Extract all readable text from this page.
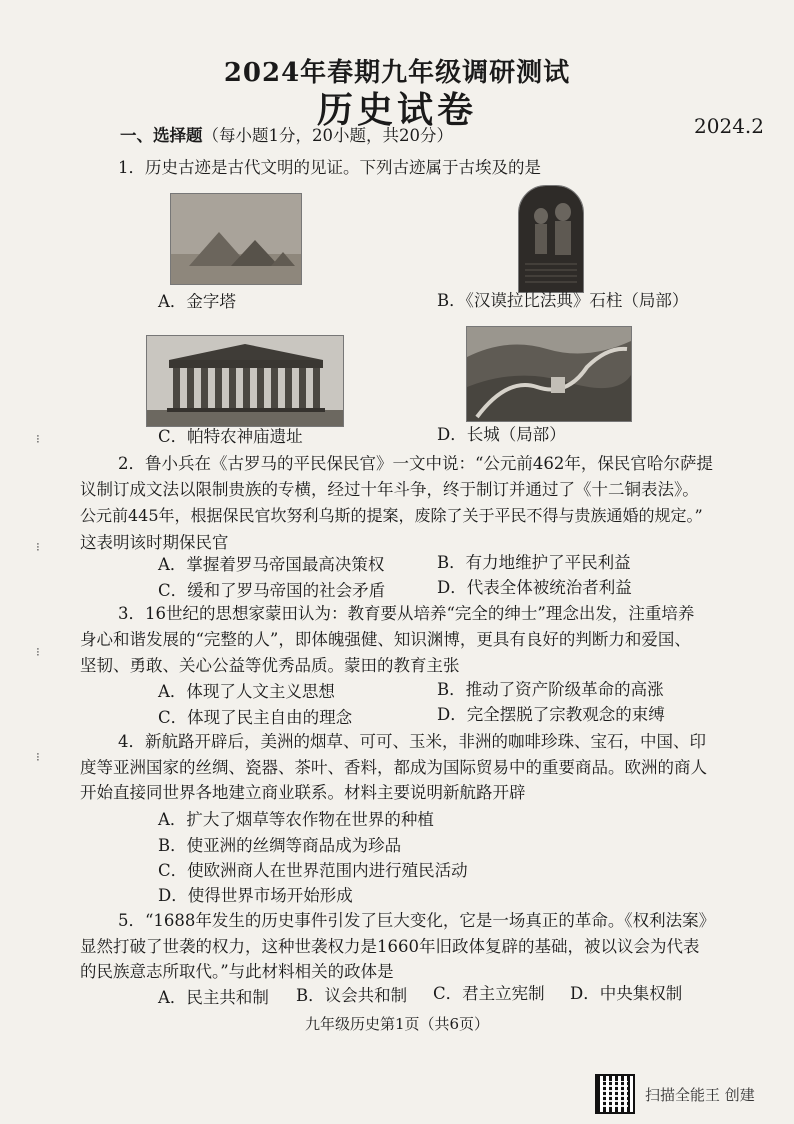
2024年春期九年级调研测试
历史试卷	2024.2
一、选择题（每小题1分，20小题，共20分）
1．历史古迹是古代文明的见证。下列古迹属于古埃及的是
A．金字塔	B．《汉谟拉比法典》石柱（局部）
C．帕特农神庙遗址	D．长城（局部）
2．鲁小兵在《古罗马的平民保民官》一文中说：“公元前462年，保民官哈尔萨提
议制订成文法以限制贵族的专横，经过十年斗争，终于制订并通过了《十二铜表法》。
公元前445年，根据保民官坎努利乌斯的提案，废除了关于平民不得与贵族通婚的规定。”
这表明该时期保民官
A．掌握着罗马帝国最高决策权	B．有力地维护了平民利益
C．缓和了罗马帝国的社会矛盾	D．代表全体被统治者利益
3．16世纪的思想家蒙田认为：教育要从培养“完全的绅士”理念出发，注重培养
身心和谐发展的“完整的人”，即体魄强健、知识渊博，更具有良好的判断力和爱国、
坚韧、勇敢、关心公益等优秀品质。蒙田的教育主张
A．体现了人文主义思想	B．推动了资产阶级革命的高涨
C．体现了民主自由的理念	D．完全摆脱了宗教观念的束缚
4．新航路开辟后，美洲的烟草、可可、玉米，非洲的咖啡珍珠、宝石，中国、印
度等亚洲国家的丝绸、瓷器、茶叶、香料，都成为国际贸易中的重要商品。欧洲的商人
开始直接同世界各地建立商业联系。材料主要说明新航路开辟
A．扩大了烟草等农作物在世界的种植
B．使亚洲的丝绸等商品成为珍品
C．使欧洲商人在世界范围内进行殖民活动
D．使得世界市场开始形成
5．“1688年发生的历史事件引发了巨大变化，它是一场真正的革命。《权利法案》
显然打破了世袭的权力，这种世袭权力是1660年旧政体复辟的基础，被以议会为代表
的民族意志所取代。”与此材料相关的政体是
A．民主共和制 B．议会共和制 C．君主立宪制 D．中央集权制
九年级历史第1页（共6页）
扫描全能王 创建
⁝
⁝
⁝
⁝
